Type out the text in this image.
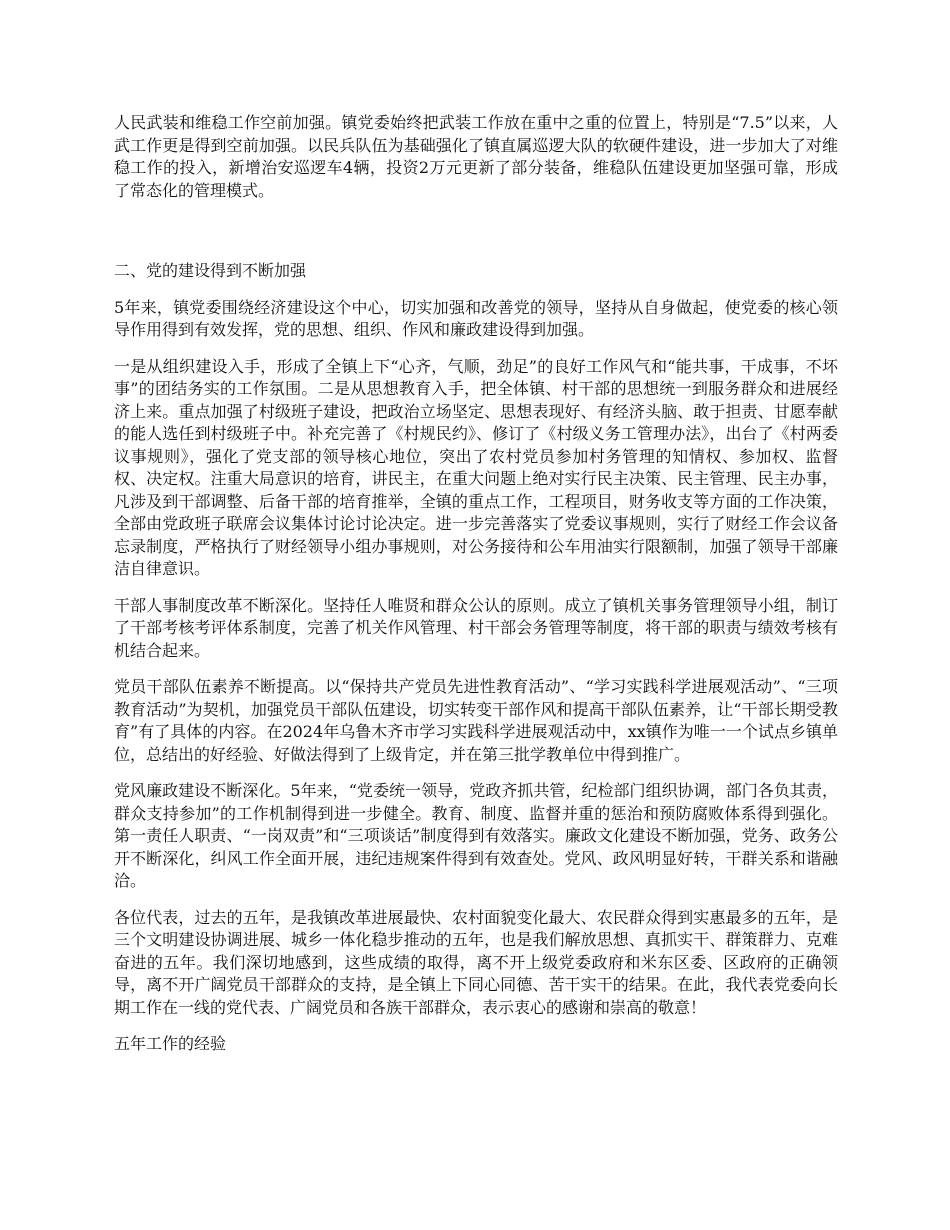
人民武装和维稳工作空前加强。镇党委始终把武装工作放在重中之重的位置上，特别是“7.5”以来，人武工作更是得到空前加强。以民兵队伍为基础强化了镇直属巡逻大队的软硬件建设，进一步加大了对维稳工作的投入，新增治安巡逻车4辆，投资2万元更新了部分装备，维稳队伍建设更加坚强可靠，形成了常态化的管理模式。

二、党的建设得到不断加强

5年来，镇党委围绕经济建设这个中心，切实加强和改善党的领导，坚持从自身做起，使党委的核心领导作用得到有效发挥，党的思想、组织、作风和廉政建设得到加强。

一是从组织建设入手，形成了全镇上下“心齐，气顺，劲足”的良好工作风气和“能共事，干成事，不坏事”的团结务实的工作氛围。二是从思想教育入手，把全体镇、村干部的思想统一到服务群众和进展经济上来。重点加强了村级班子建设，把政治立场坚定、思想表现好、有经济头脑、敢于担责、甘愿奉献的能人选任到村级班子中。补充完善了《村规民约》、修订了《村级义务工管理办法》，出台了《村两委议事规则》，强化了党支部的领导核心地位，突出了农村党员参加村务管理的知情权、参加权、监督权、决定权。注重大局意识的培育，讲民主，在重大问题上绝对实行民主决策、民主管理、民主办事，凡涉及到干部调整、后备干部的培育推举，全镇的重点工作，工程项目，财务收支等方面的工作决策，全部由党政班子联席会议集体讨论讨论决定。进一步完善落实了党委议事规则，实行了财经工作会议备忘录制度，严格执行了财经领导小组办事规则，对公务接待和公车用油实行限额制，加强了领导干部廉洁自律意识。

干部人事制度改革不断深化。坚持任人唯贤和群众公认的原则。成立了镇机关事务管理领导小组，制订了干部考核考评体系制度，完善了机关作风管理、村干部会务管理等制度，将干部的职责与绩效考核有机结合起来。

党员干部队伍素养不断提高。以“保持共产党员先进性教育活动”、“学习实践科学进展观活动”、“三项教育活动”为契机，加强党员干部队伍建设，切实转变干部作风和提高干部队伍素养，让“干部长期受教育”有了具体的内容。在2024年乌鲁木齐市学习实践科学进展观活动中，xx镇作为唯一一个试点乡镇单位，总结出的好经验、好做法得到了上级肯定，并在第三批学教单位中得到推广。

党风廉政建设不断深化。5年来，“党委统一领导，党政齐抓共管，纪检部门组织协调，部门各负其责，群众支持参加”的工作机制得到进一步健全。教育、制度、监督并重的惩治和预防腐败体系得到强化。第一责任人职责、“一岗双责”和“三项谈话”制度得到有效落实。廉政文化建设不断加强，党务、政务公开不断深化，纠风工作全面开展，违纪违规案件得到有效查处。党风、政风明显好转，干群关系和谐融洽。

各位代表，过去的五年，是我镇改革进展最快、农村面貌变化最大、农民群众得到实惠最多的五年，是三个文明建设协调进展、城乡一体化稳步推动的五年，也是我们解放思想、真抓实干、群策群力、克难奋进的五年。我们深切地感到，这些成绩的取得，离不开上级党委政府和米东区委、区政府的正确领导，离不开广阔党员干部群众的支持，是全镇上下同心同德、苦干实干的结果。在此，我代表党委向长期工作在一线的党代表、广阔党员和各族干部群众，表示衷心的感谢和崇高的敬意！

五年工作的经验
